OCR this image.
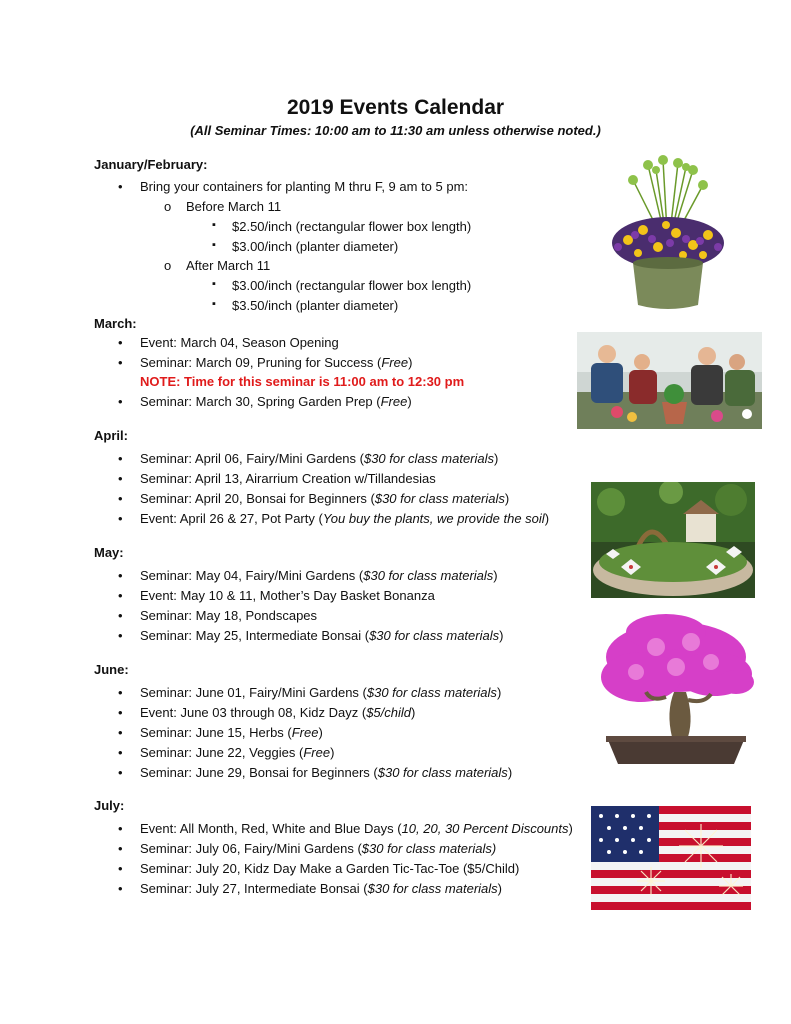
2019 Events Calendar
(All Seminar Times: 10:00 am to 11:30 am unless otherwise noted.)
January/February:
• Bring your containers for planting M thru F, 9 am to 5 pm:
o Before March 11
▪ $2.50/inch (rectangular flower box length)
▪ $3.00/inch (planter diameter)
o After March 11
▪ $3.00/inch (rectangular flower box length)
▪ $3.50/inch (planter diameter)
March:
• Event: March 04, Season Opening
• Seminar: March 09, Pruning for Success (Free)
NOTE: Time for this seminar is 11:00 am to 12:30 pm
• Seminar: March 30, Spring Garden Prep (Free)
April:
• Seminar: April 06, Fairy/Mini Gardens ($30 for class materials)
• Seminar: April 13, Airarrium Creation w/Tillandesias
• Seminar: April 20, Bonsai for Beginners ($30 for class materials)
• Event: April 26 & 27, Pot Party (You buy the plants, we provide the soil)
May:
• Seminar: May 04, Fairy/Mini Gardens ($30 for class materials)
• Event: May 10 & 11, Mother’s Day Basket Bonanza
• Seminar: May 18, Pondscapes
• Seminar: May 25, Intermediate Bonsai ($30 for class materials)
June:
• Seminar: June 01, Fairy/Mini Gardens ($30 for class materials)
• Event: June 03 through 08, Kidz Dayz ($5/child)
• Seminar: June 15, Herbs (Free)
• Seminar: June 22, Veggies (Free)
• Seminar: June 29, Bonsai for Beginners ($30 for class materials)
July:
• Event: All Month, Red, White and Blue Days (10, 20, 30 Percent Discounts)
• Seminar: July 06, Fairy/Mini Gardens ($30 for class materials)
• Seminar: July 20, Kidz Day Make a Garden Tic-Tac-Toe ($5/Child)
• Seminar: July 27, Intermediate Bonsai ($30 for class materials)
